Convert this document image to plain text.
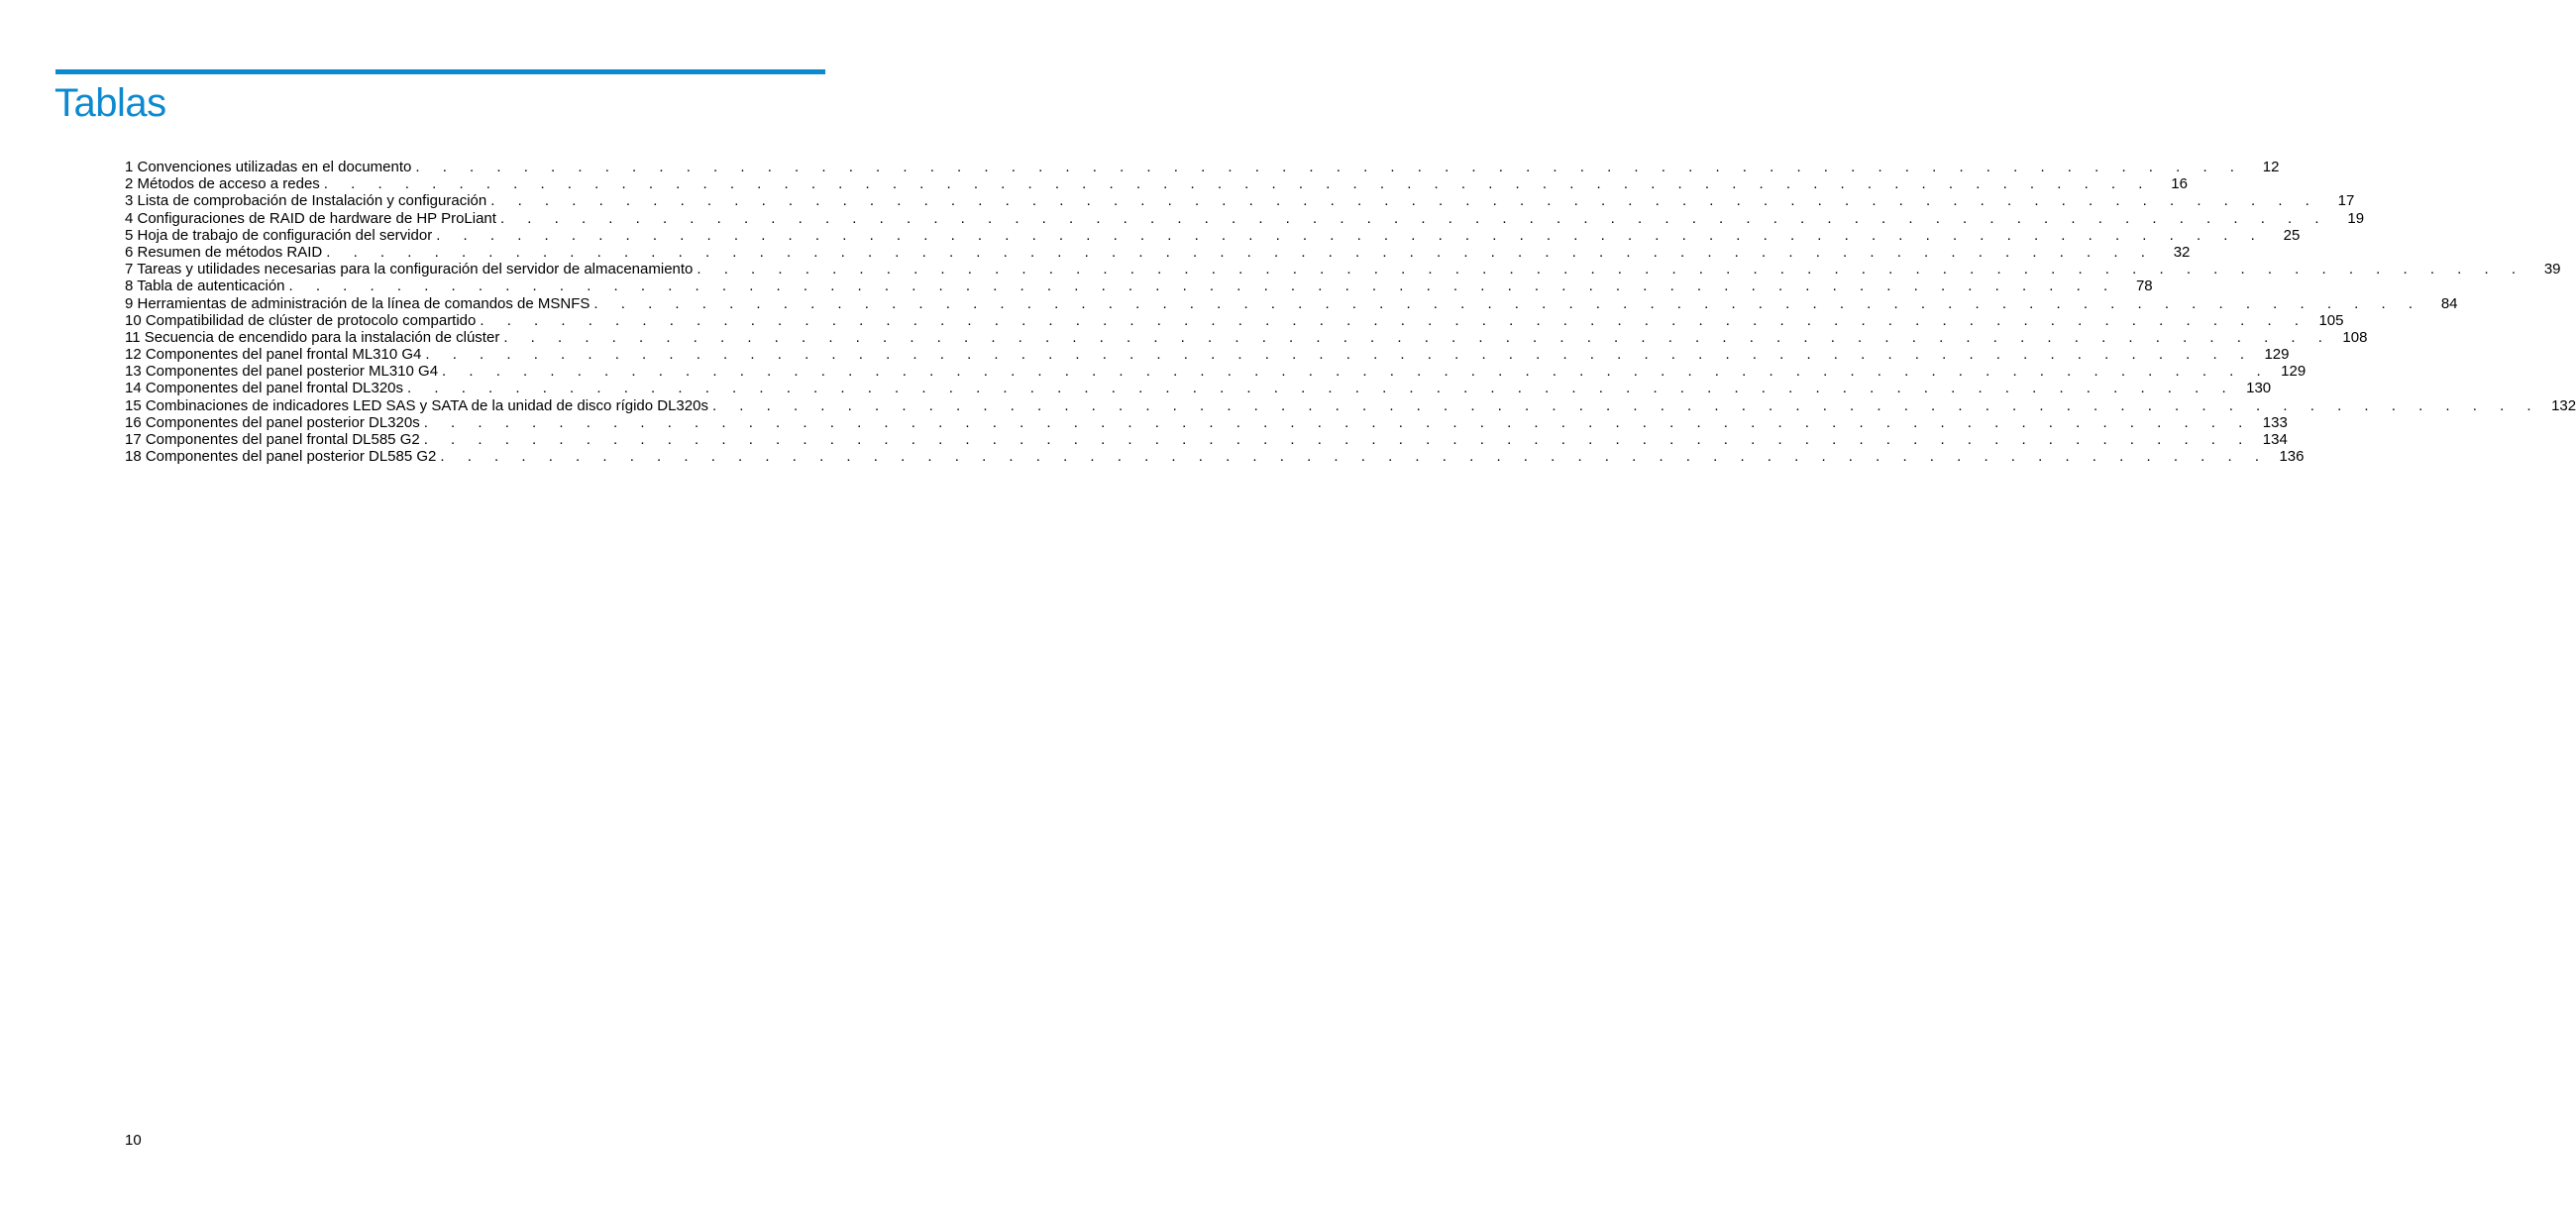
Tablas
1 Convenciones utilizadas en el documento . . .	12
2 Métodos de acceso a redes . . .	16
3 Lista de comprobación de Instalación y configuración . . .	17
4 Configuraciones de RAID de hardware de HP ProLiant . . .	19
5 Hoja de trabajo de configuración del servidor . . .	25
6 Resumen de métodos RAID . . .	32
7 Tareas y utilidades necesarias para la configuración del servidor de almacenamiento . . .	39
8 Tabla de autenticación . . .	78
9 Herramientas de administración de la línea de comandos de MSNFS . . .	84
10 Compatibilidad de clúster de protocolo compartido . . .	105
11 Secuencia de encendido para la instalación de clúster . . .	108
12 Componentes del panel frontal ML310 G4 . . .	129
13 Componentes del panel posterior ML310 G4 . . .	129
14 Componentes del panel frontal DL320s . . .	130
15 Combinaciones de indicadores LED SAS y SATA de la unidad de disco rígido DL320s . . .	132
16 Componentes del panel posterior DL320s . . .	133
17 Componentes del panel frontal DL585 G2 . . .	134
18 Componentes del panel posterior DL585 G2 . . .	136

10
